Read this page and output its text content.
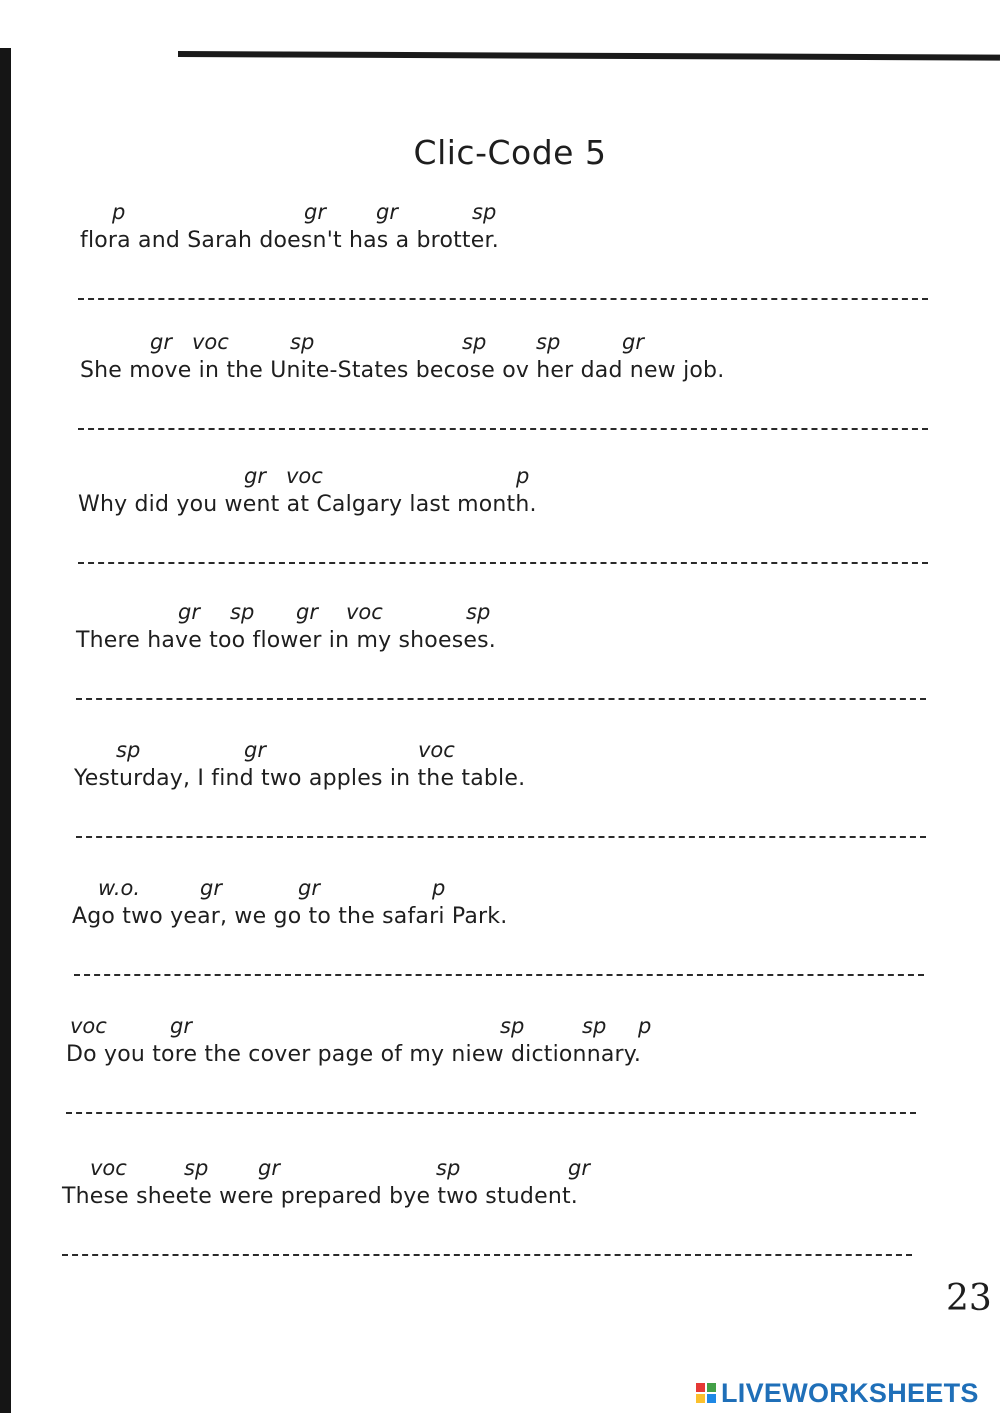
Clic-Code 5
p	gr gr	sp
flora and Sarah doesn't has a brotter.
gr voc	sp	sp sp	gr
She move in the Unite-States becose ov her dad new job.
gr voc	p
Why did you went at Calgary last month.
gr sp gr voc	sp
There have too flower in my shoeses.
sp	gr	voc
Yesturday, I find two apples in the table.
w.o.	gr	gr	p
Ago two year, we go to the safari Park.
voc	gr	sp	sp p
Do you tore the cover page of my niew dictionnary.
voc	sp gr	sp	gr
These sheete were prepared bye two student.
23
LIVEWORKSHEETS
